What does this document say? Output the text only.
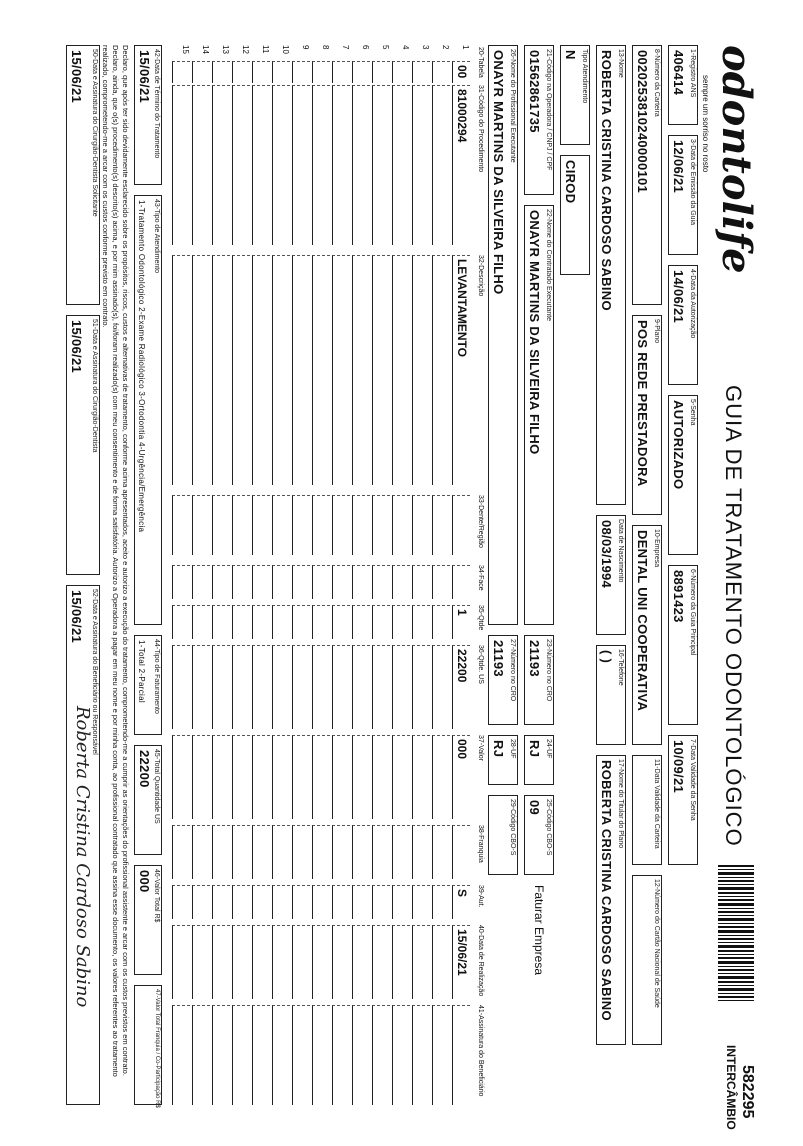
odontolife
sempre um sorriso no rosto
GUIA DE TRATAMENTO ODONTOLÓGICO
582295
INTERCÂMBIO
1-Registro ANS
406414
3-Data de Emissão da Guia
12/06/21
4-Data da Autorização
14/06/21
5-Senha
AUTORIZADO
6-Número da Guia Principal
8891423
7-Data Validade da Senha
10/09/21
8-Número da Carteira
0020253810240000101
9-Plano
POS REDE PRESTADORA
10-Empresa
DENTAL UNI COOPERATIVA
11-Data Validade da Carteira
12-Número do Cartão Nacional de Saúde
13-Nome
ROBERTA CRISTINA CARDOSO SABINO
Data de Nascimento
08/03/1994
16-Telefone
( )
17-Nome do Titular do Plano
ROBERTA CRISTINA CARDOSO SABINO
Tipo Atendimento
N
CIROD
21-Código na Operadora / CNPJ / CPF
01562861735
22-Nome do Contratado Executante
ONAYR MARTINS DA SILVEIRA FILHO
23-Número no CRO
21193
24-UF
RJ
25-Código CBO-S
09
Faturar Empresa
26-Nome do Profissional Executante
ONAYR MARTINS DA SILVEIRA FILHO
27-Número no CRO
21193
28-UF
RJ
29-Código CBO-S
20-Tabela
31-Código do Procedimento
32-Descrição
33-Dente/Região
34-Face
35-Qtde
36-Qtde. US
37-Valor
38-Franquia
39-Aut.
40-Data de Realização
41-Assinatura do Beneficiário
1
00
81000294
LEVANTAMENTO
1
22200
000
S
15/06/21
2
3
4
5
6
7
8
9
10
11
12
13
14
15
42-Data de Término do Tratamento
15/06/21
43-Tipo de Atendimento
1-Tratamento Odontológico 2-Exame Radiológico 3-Ortodontia 4-Urgência/Emergência
44-Tipo de Faturamento
1-Total 2-Parcial
45-Total Quantidade US
22200
46-Valor Total R$
000
47-Valor Total Franquia / Co-Participação R$
Declaro, que após ter sido devidamente esclarecido sobre os propósitos, riscos, custos e alternativas de tratamento, conforme acima apresentados, aceito e autorizo a execução do tratamento, comprometendo-me a cumprir as orientações do profissional assistente e arcar com os custos previstos em contrato. Declaro, ainda, que o(s) procedimento(s) descrito(s) acima, e por mim assinado(s), foi/foram realizado(s) com meu consentimento e de forma satisfatória. Autorizo a Operadora a pagar em meu nome e por minha conta, ao profissional contratado que assina esse documento, os valores referentes ao tratamento realizado, comprometendo-me a arcar com os custos conforme previsto em contrato.
50-Data e Assinatura do Cirurgião-Dentista Solicitante
15/06/21
51-Data e Assinatura do Cirurgião-Dentista
15/06/21
52-Data e Assinatura do Beneficiário ou Responsável
15/06/21
Roberta Cristina Cardoso Sabino
